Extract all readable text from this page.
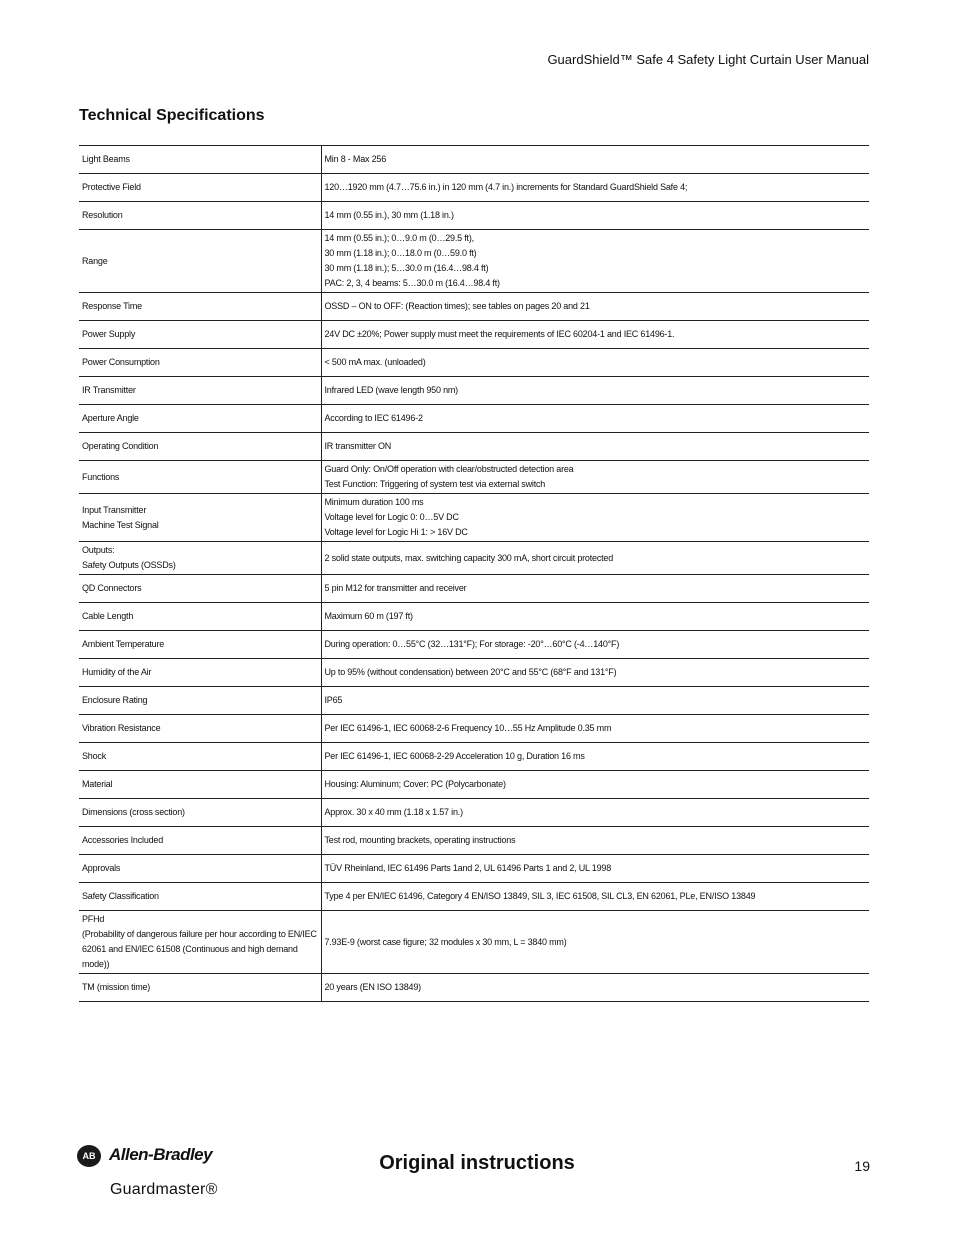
GuardShield™ Safe 4 Safety Light Curtain User Manual
Technical Specifications
Light Beams	Min 8 - Max 256
Protective Field	120…1920 mm (4.7…75.6 in.) in 120 mm (4.7 in.) increments for Standard GuardShield Safe 4;
Resolution	14 mm (0.55 in.), 30 mm (1.18 in.)
Range	14 mm (0.55 in.); 0…9.0 m (0…29.5 ft),
30 mm (1.18 in.); 0…18.0 m (0…59.0 ft)
30 mm (1.18 in.); 5…30.0 m (16.4…98.4 ft)
PAC: 2, 3, 4 beams: 5…30.0 m (16.4…98.4 ft)
Response Time	OSSD – ON to OFF: (Reaction times); see tables on pages 20 and 21
Power Supply	24V DC ±20%; Power supply must meet the requirements of IEC 60204-1 and IEC 61496-1.
Power Consumption	< 500 mA max. (unloaded)
IR Transmitter	Infrared LED (wave length 950 nm)
Aperture Angle	According to IEC 61496-2
Operating Condition	IR transmitter ON
Functions	Guard Only: On/Off operation with clear/obstructed detection area
Test Function: Triggering of system test via external switch
Input Transmitter
Machine Test Signal	Minimum duration 100 ms
Voltage level for Logic 0: 0…5V DC
Voltage level for Logic Hi 1: > 16V DC
Outputs:
Safety Outputs (OSSDs)	2 solid state outputs, max. switching capacity 300 mA, short circuit protected
QD Connectors	5 pin M12 for transmitter and receiver
Cable Length	Maximum 60 m (197 ft)
Ambient Temperature	During operation: 0…55°C (32…131°F); For storage: -20°…60°C (-4…140°F)
Humidity of the Air	Up to 95% (without condensation) between 20°C and 55°C (68°F and 131°F)
Enclosure Rating	IP65
Vibration Resistance	Per IEC 61496-1, IEC 60068-2-6 Frequency 10…55 Hz Amplitude 0.35 mm
Shock	Per IEC 61496-1, IEC 60068-2-29 Acceleration 10 g, Duration 16 ms
Material	Housing: Aluminum; Cover: PC (Polycarbonate)
Dimensions (cross section)	Approx. 30 x 40 mm (1.18 x 1.57 in.)
Accessories Included	Test rod, mounting brackets, operating instructions
Approvals	TÜV Rheinland, IEC 61496 Parts 1and 2, UL 61496 Parts 1 and 2, UL 1998
Safety Classification	Type 4 per EN/IEC 61496, Category 4 EN/ISO 13849, SIL 3, IEC 61508, SIL CL3, EN 62061, PLe, EN/ISO 13849
PFHd
(Probability of dangerous failure per hour according to EN/IEC 62061 and EN/IEC 61508 (Continuous and high demand mode))	7.93E-9 (worst case figure; 32 modules x 30 mm, L = 3840 mm)
TM (mission time)	20 years (EN ISO 13849)
AB Allen-Bradley
Guardmaster®

Original instructions	19
